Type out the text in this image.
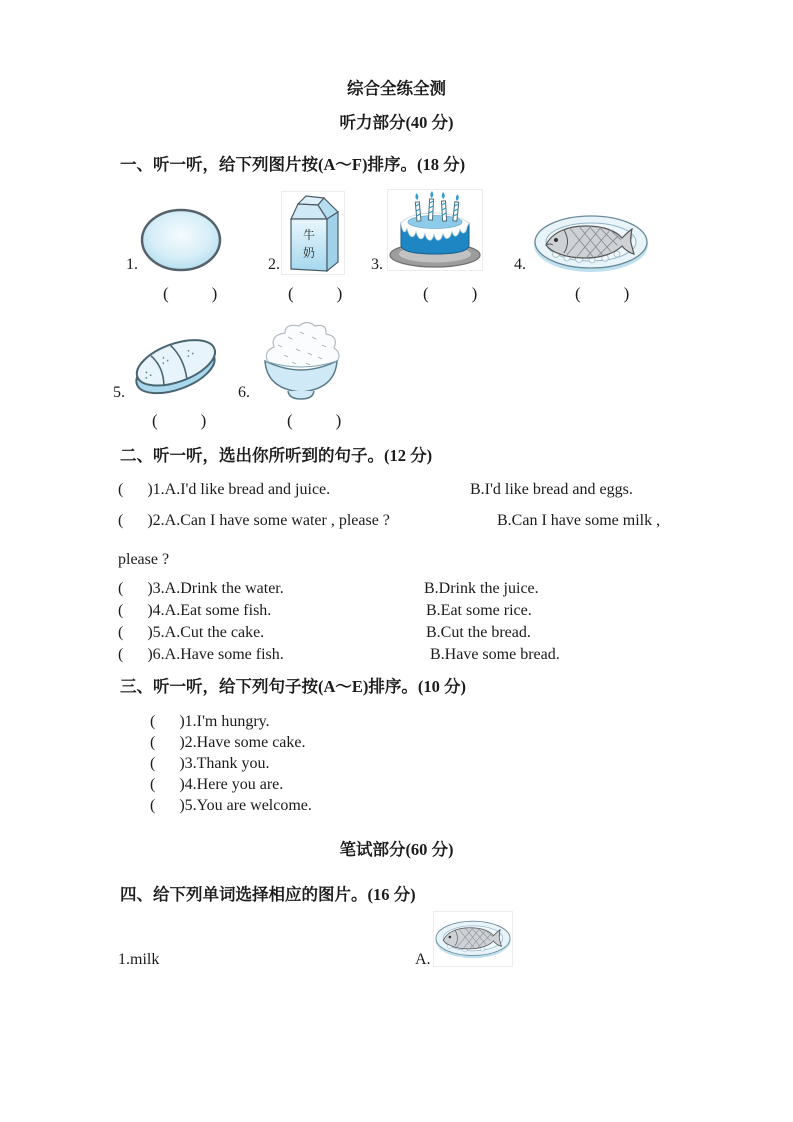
综合全练全测
听力部分(40 分)
一、听一听，给下列图片按(A～F)排序。(18 分)
1.	2.
牛
奶
3.	4.
(        )	(        )	(        )	(        )
5.	6.
(        )	(        )
二、听一听，选出你所听到的句子。(12 分)
(      )1.A.I'd like bread and juice.	B.I'd like bread and eggs.
(      )2.A.Can I have some water , please ?	B.Can I have some milk ,
please ?
(      )3.A.Drink the water.	B.Drink the juice.
(      )4.A.Eat some fish.	B.Eat some rice.
(      )5.A.Cut the cake.	B.Cut the bread.
(      )6.A.Have some fish.	B.Have some bread.
三、听一听，给下列句子按(A～E)排序。(10 分)
(      )1.I'm hungry.
(      )2.Have some cake.
(      )3.Thank you.
(      )4.Here you are.
(      )5.You are welcome.
笔试部分(60 分)
四、给下列单词选择相应的图片。(16 分)
1.milk	A.
